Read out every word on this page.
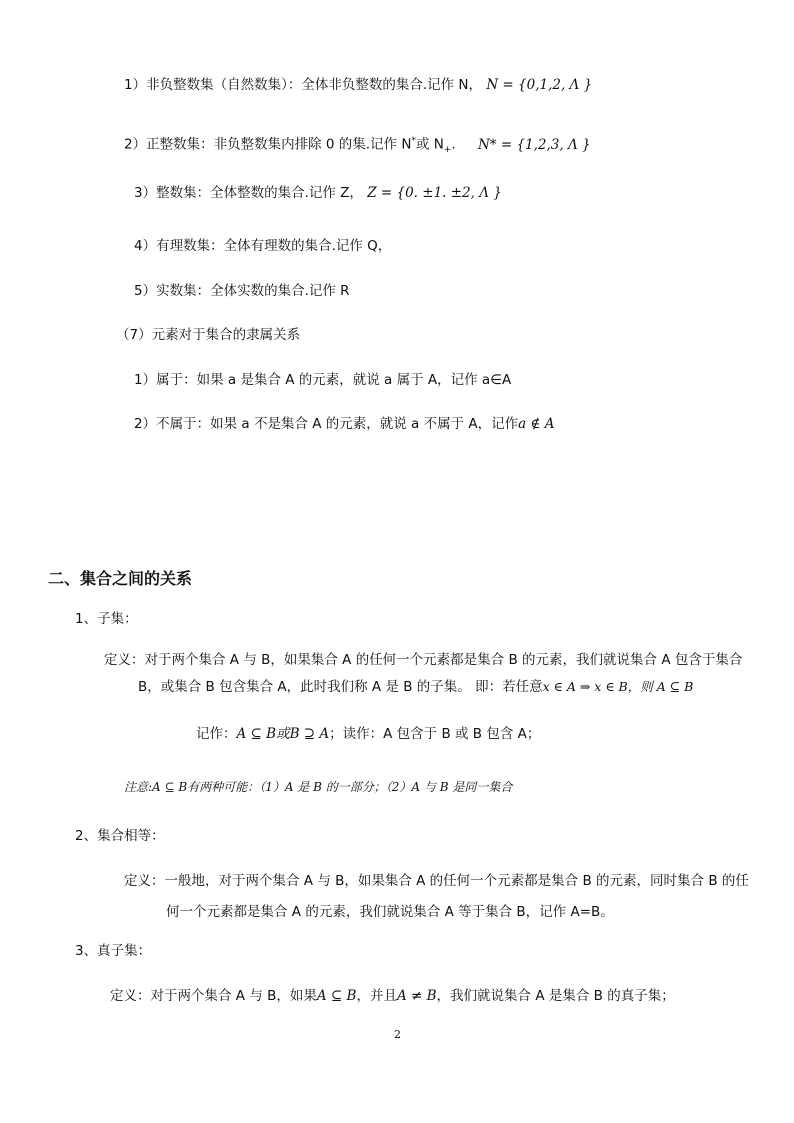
1）非负整数集（自然数集）：全体非负整数的集合.记作 N， N = {0,1,2, Λ }
2）正整数集：非负整数集内排除 0 的集.记作 N*或 $N_+$. N* = {1,2,3, Λ }
3）整数集：全体整数的集合.记作 Z， Z = {0. ±1. ±2, Λ }
4）有理数集：全体有理数的集合.记作 Q，
5）实数集：全体实数的集合.记作 R
（7）元素对于集合的隶属关系
1）属于：如果 a 是集合 A 的元素，就说 a 属于 A，记作 a∈A
2）不属于：如果 a 不是集合 A 的元素，就说 a 不属于 A，记作a ∉ A
二、集合之间的关系
1、子集：
定义：对于两个集合 A 与 B，如果集合 A 的任何一个元素都是集合 B 的元素，我们就说集合 A 包含于集合
B，或集合 B 包含集合 A，此时我们称 A 是 B 的子集。 即：若任意x ∈ A ⇒ x ∈ B，则 A ⊆ B
记作：A ⊆ B或B ⊇ A；读作：A 包含于 B 或 B 包含 A；
注意:A ⊆ B有两种可能：（1）A 是 B 的一部分；（2）A 与 B 是同一集合
2、集合相等：
定义：一般地，对于两个集合 A 与 B，如果集合 A 的任何一个元素都是集合 B 的元素，同时集合 B 的任
何一个元素都是集合 A 的元素，我们就说集合 A 等于集合 B，记作 A=B。
3、真子集：
定义：对于两个集合 A 与 B，如果A ⊆ B，并且A ≠ B，我们就说集合 A 是集合 B 的真子集；
2
